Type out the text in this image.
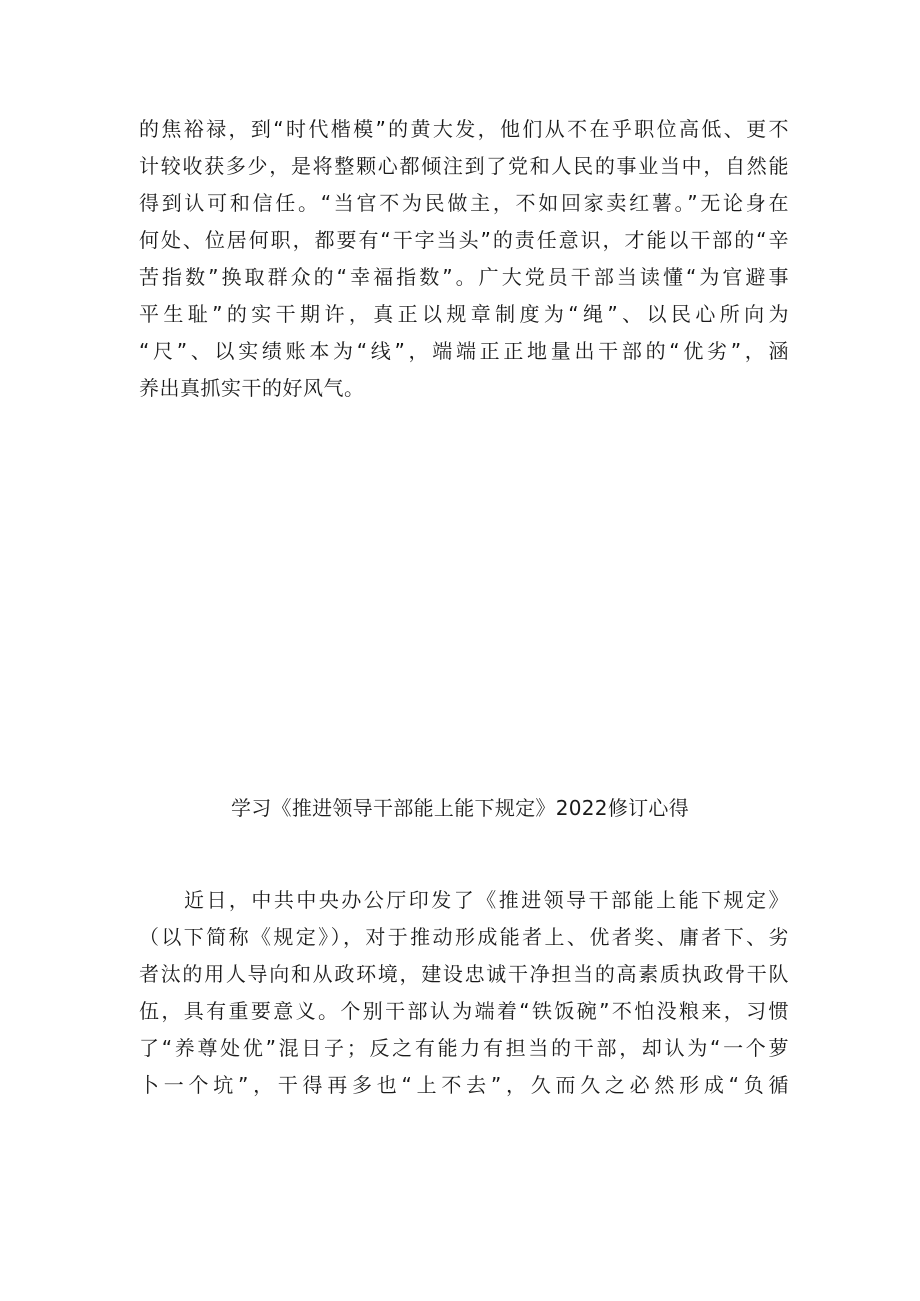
的焦裕禄，到“时代楷模”的黄大发，他们从不在乎职位高低、更不
计较收获多少，是将整颗心都倾注到了党和人民的事业当中，自然能
得到认可和信任。“当官不为民做主，不如回家卖红薯。”无论身在
何处、位居何职，都要有“干字当头”的责任意识，才能以干部的“辛
苦指数”换取群众的“幸福指数”。广大党员干部当读懂“为官避事
平生耻”的实干期许，真正以规章制度为“绳”、以民心所向为
“尺”、以实绩账本为“线”，端端正正地量出干部的“优劣”，涵
养出真抓实干的好风气。
学习《推进领导干部能上能下规定》2022修订心得
　　近日，中共中央办公厅印发了《推进领导干部能上能下规定》
（以下简称《规定》），对于推动形成能者上、优者奖、庸者下、劣
者汰的用人导向和从政环境，建设忠诚干净担当的高素质执政骨干队
伍，具有重要意义。个别干部认为端着“铁饭碗”不怕没粮来，习惯
了“养尊处优”混日子；反之有能力有担当的干部，却认为“一个萝
卜一个坑”，干得再多也“上不去”，久而久之必然形成“负循
